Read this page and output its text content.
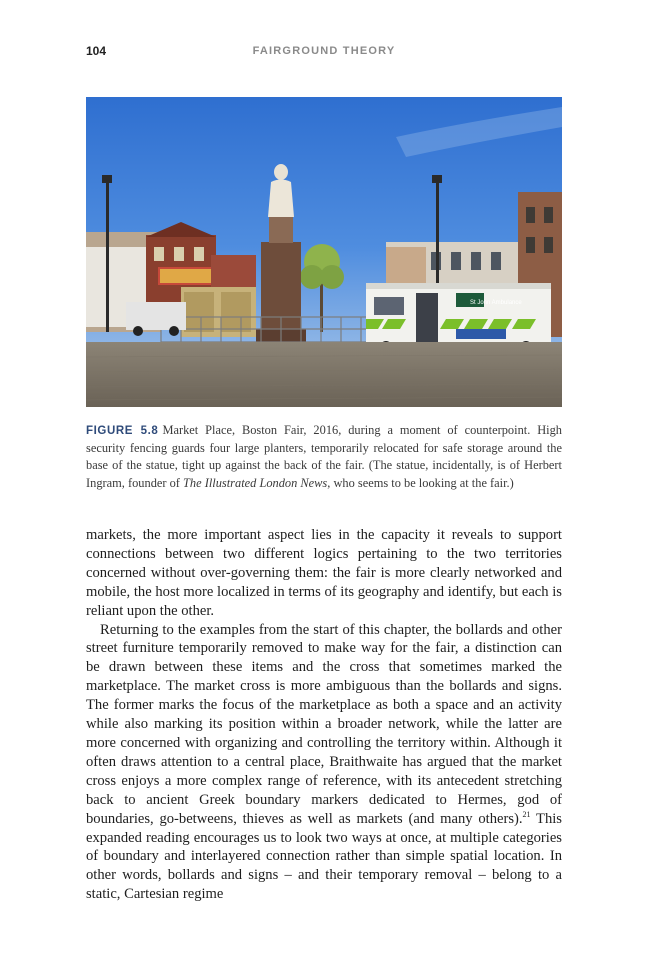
104	FAIRGROUND THEORY
St John Ambulance
FIGURE 5.8 Market Place, Boston Fair, 2016, during a moment of counterpoint. High security fencing guards four large planters, temporarily relocated for safe storage around the base of the statue, tight up against the back of the fair. (The statue, incidentally, is of Herbert Ingram, founder of The Illustrated London News, who seems to be looking at the fair.)

markets, the more important aspect lies in the capacity it reveals to support connections between two different logics pertaining to the two territories concerned without over-governing them: the fair is more clearly networked and mobile, the host more localized in terms of its geography and identify, but each is reliant upon the other.

Returning to the examples from the start of this chapter, the bollards and other street furniture temporarily removed to make way for the fair, a distinction can be drawn between these items and the cross that sometimes marked the marketplace. The market cross is more ambiguous than the bollards and signs. The former marks the focus of the marketplace as both a space and an activity while also marking its position within a broader network, while the latter are more concerned with organizing and controlling the territory within. Although it often draws attention to a central place, Braithwaite has argued that the market cross enjoys a more complex range of reference, with its antecedent stretching back to ancient Greek boundary markers dedicated to Hermes, god of boundaries, go-betweens, thieves as well as markets (and many others).$^{21}$ This expanded reading encourages us to look two ways at once, at multiple categories of boundary and interlayered connection rather than simple spatial location. In other words, bollards and signs – and their temporary removal – belong to a static, Cartesian regime
